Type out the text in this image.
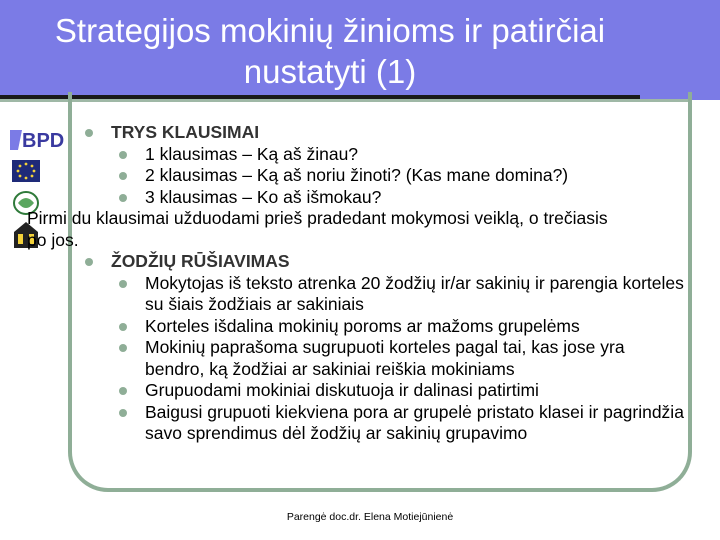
Strategijos mokinių žinioms ir patirčiai nustatyti (1)
BPD	TRYS KLAUSIMAI
1 klausimas – Ką aš žinau?
2 klausimas – Ką aš noriu žinoti? (Kas mane domina?)
3 klausimas – Ko aš išmokau?
Pirmi du klausimai užduodami prieš pradedant mokymosi veiklą, o trečiasis po jos.
ŽODŽIŲ RŪŠIAVIMAS
Mokytojas iš teksto atrenka 20 žodžių ir/ar sakinių ir parengia korteles su šiais žodžiais ar sakiniais
Korteles išdalina mokinių poroms ar mažoms grupelėms
Mokinių paprašoma sugrupuoti korteles pagal tai, kas jose yra bendro, ką žodžiai ar sakiniai reiškia mokiniams
Grupuodami mokiniai diskutuoja ir dalinasi patirtimi
Baigusi grupuoti kiekviena pora ar grupelė pristato klasei ir pagrindžia savo sprendimus dėl žodžių ar sakinių grupavimo
Parengė doc.dr. Elena Motiejūnienė
